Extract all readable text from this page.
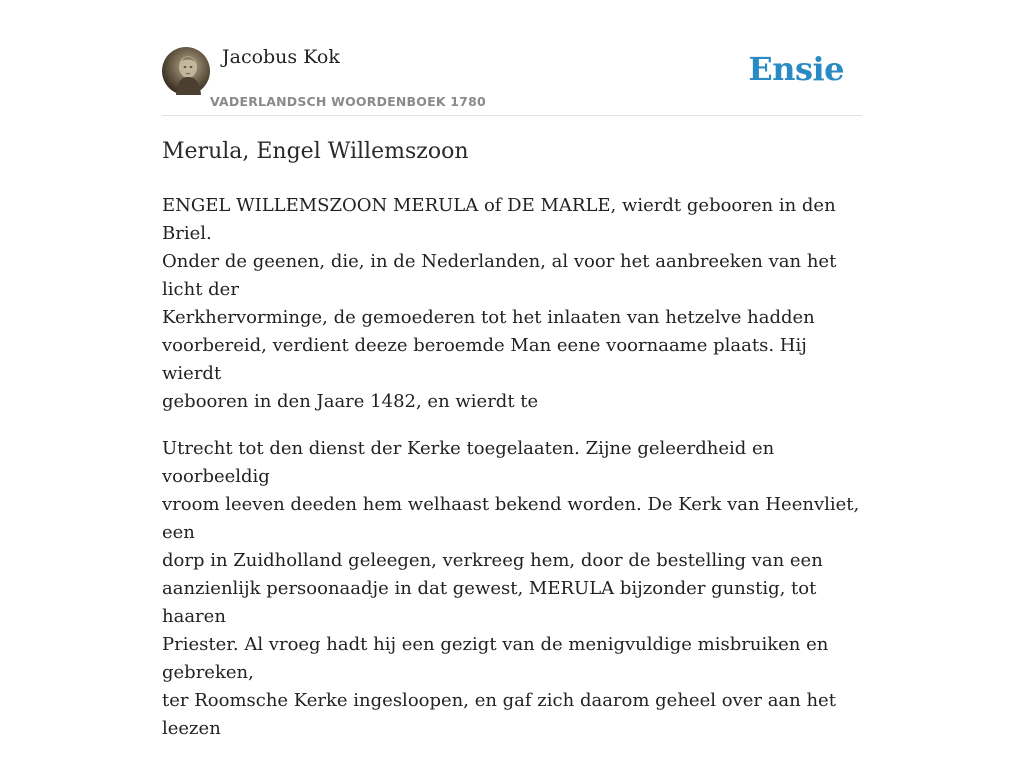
Jacobus Kok
VADERLANDSCH WOORDENBOEK 1780
Ensie
Merula, Engel Willemszoon

ENGEL WILLEMSZOON MERULA of DE MARLE, wierdt gebooren in den Briel.
Onder de geenen, die, in de Nederlanden, al voor het aanbreeken van het licht der
Kerkhervorminge, de gemoederen tot het inlaaten van hetzelve hadden
voorbereid, verdient deeze beroemde Man eene voornaame plaats. Hij wierdt
gebooren in den Jaare 1482, en wierdt te

Utrecht tot den dienst der Kerke toegelaaten. Zijne geleerdheid en voorbeeldig
vroom leeven deeden hem welhaast bekend worden. De Kerk van Heenvliet, een
dorp in Zuidholland geleegen, verkreeg hem, door de bestelling van een
aanzienlijk persoonaadje in dat gewest, MERULA bijzonder gunstig, tot haaren
Priester. Al vroeg hadt hij een gezigt van de menigvuldige misbruiken en gebreken,
ter Roomsche Kerke ingesloopen, en gaf zich daarom geheel over aan het leezen
